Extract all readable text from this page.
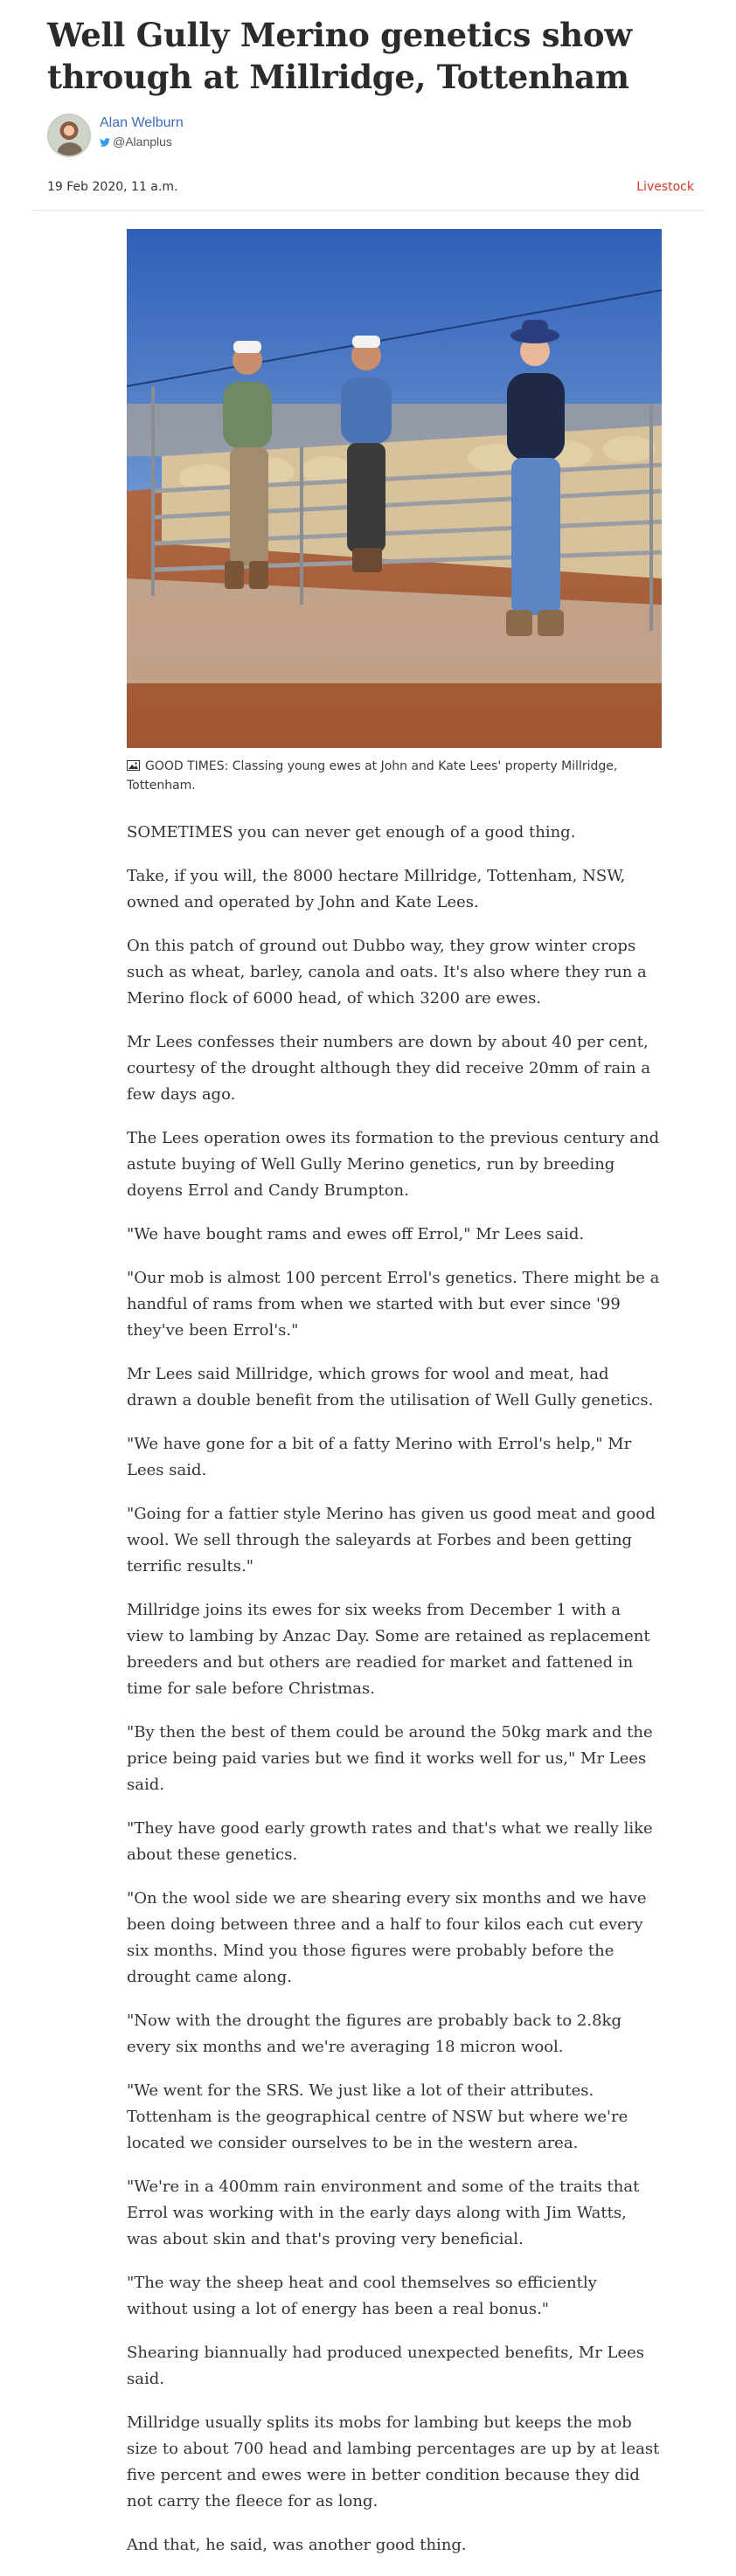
Well Gully Merino genetics show through at Millridge, Tottenham
Alan Welburn
@Alanplus
19 Feb 2020, 11 a.m.	Livestock
GOOD TIMES: Classing young ewes at John and Kate Lees' property Millridge, Tottenham.

SOMETIMES you can never get enough of a good thing.

Take, if you will, the 8000 hectare Millridge, Tottenham, NSW, owned and operated by John and Kate Lees.

On this patch of ground out Dubbo way, they grow winter crops such as wheat, barley, canola and oats. It's also where they run a Merino flock of 6000 head, of which 3200 are ewes.

Mr Lees confesses their numbers are down by about 40 per cent, courtesy of the drought although they did receive 20mm of rain a few days ago.

The Lees operation owes its formation to the previous century and astute buying of Well Gully Merino genetics, run by breeding doyens Errol and Candy Brumpton.

"We have bought rams and ewes off Errol," Mr Lees said.

"Our mob is almost 100 percent Errol's genetics. There might be a handful of rams from when we started with but ever since '99 they've been Errol's."

Mr Lees said Millridge, which grows for wool and meat, had drawn a double benefit from the utilisation of Well Gully genetics.

"We have gone for a bit of a fatty Merino with Errol's help," Mr Lees said.

"Going for a fattier style Merino has given us good meat and good wool. We sell through the saleyards at Forbes and been getting terrific results."

Millridge joins its ewes for six weeks from December 1 with a view to lambing by Anzac Day. Some are retained as replacement breeders and but others are readied for market and fattened in time for sale before Christmas.

"By then the best of them could be around the 50kg mark and the price being paid varies but we find it works well for us," Mr Lees said.

"They have good early growth rates and that's what we really like about these genetics.

"On the wool side we are shearing every six months and we have been doing between three and a half to four kilos each cut every six months. Mind you those figures were probably before the drought came along.

"Now with the drought the figures are probably back to 2.8kg every six months and we're averaging 18 micron wool.

"We went for the SRS. We just like a lot of their attributes. Tottenham is the geographical centre of NSW but where we're located we consider ourselves to be in the western area.

"We're in a 400mm rain environment and some of the traits that Errol was working with in the early days along with Jim Watts, was about skin and that's proving very beneficial.

"The way the sheep heat and cool themselves so efficiently without using a lot of energy has been a real bonus."

Shearing biannually had produced unexpected benefits, Mr Lees said.

Millridge usually splits its mobs for lambing but keeps the mob size to about 700 head and lambing percentages are up by at least five percent and ewes were in better condition because they did not carry the fleece for as long.

And that, he said, was another good thing.
